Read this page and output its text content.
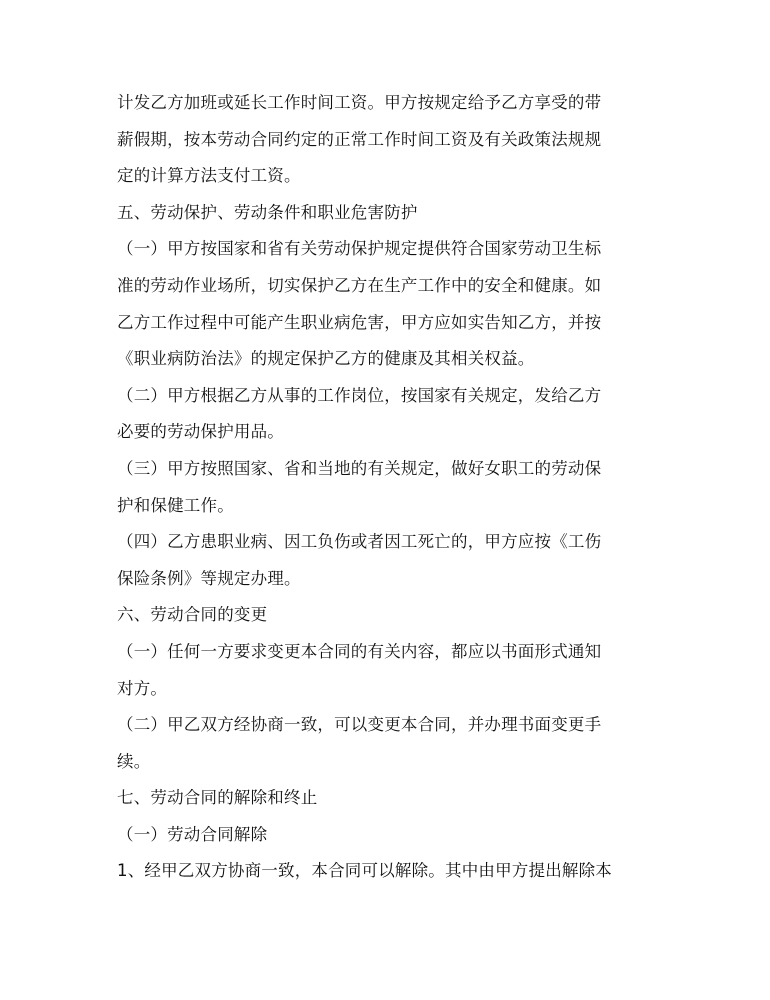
计发乙方加班或延长工作时间工资。甲方按规定给予乙方享受的带
薪假期，按本劳动合同约定的正常工作时间工资及有关政策法规规
定的计算方法支付工资。
五、劳动保护、劳动条件和职业危害防护
（一）甲方按国家和省有关劳动保护规定提供符合国家劳动卫生标
准的劳动作业场所，切实保护乙方在生产工作中的安全和健康。如
乙方工作过程中可能产生职业病危害，甲方应如实告知乙方，并按
《职业病防治法》的规定保护乙方的健康及其相关权益。
（二）甲方根据乙方从事的工作岗位，按国家有关规定，发给乙方
必要的劳动保护用品。
（三）甲方按照国家、省和当地的有关规定，做好女职工的劳动保
护和保健工作。
（四）乙方患职业病、因工负伤或者因工死亡的，甲方应按《工伤
保险条例》等规定办理。
六、劳动合同的变更
（一）任何一方要求变更本合同的有关内容，都应以书面形式通知
对方。
（二）甲乙双方经协商一致，可以变更本合同，并办理书面变更手
续。
七、劳动合同的解除和终止
（一）劳动合同解除
1、经甲乙双方协商一致，本合同可以解除。其中由甲方提出解除本
